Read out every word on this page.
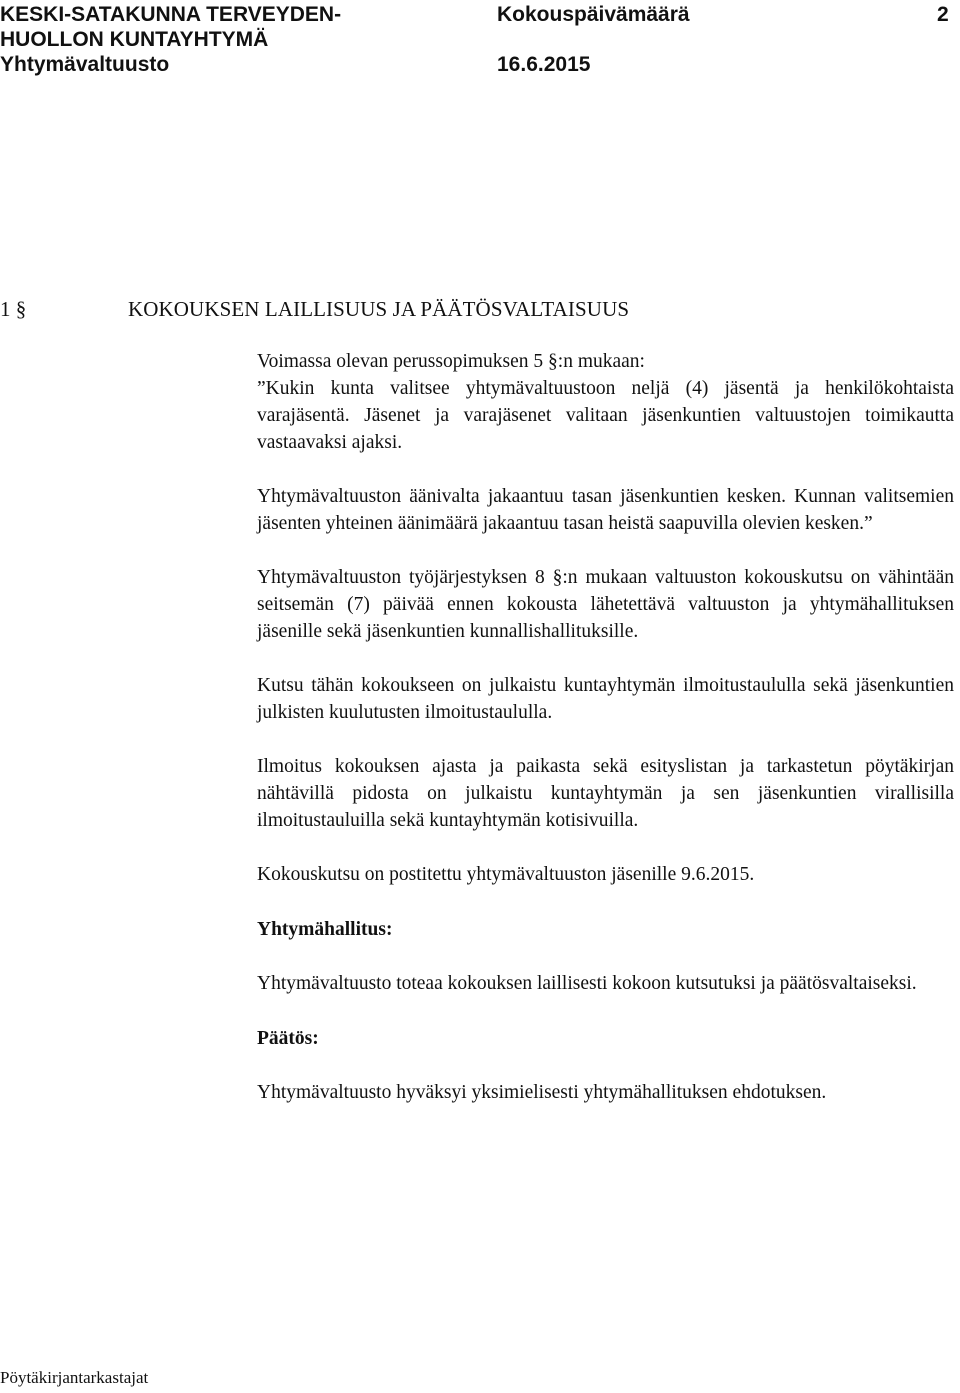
KESKI-SATAKUNNA TERVEYDEN-
HUOLLON KUNTAYHTYMÄ
Yhtymävaltuusto
Kokouspäivämäärä
16.6.2015
2
1 §	KOKOUKSEN LAILLISUUS JA PÄÄTÖSVALTAISUUS

Voimassa olevan perussopimuksen 5 §:n mukaan:

”Kukin kunta valitsee yhtymävaltuustoon neljä (4) jäsentä ja henkilökohtaista varajäsentä. Jäsenet ja varajäsenet valitaan jäsenkuntien valtuustojen toimikautta vastaavaksi ajaksi.

Yhtymävaltuuston äänivalta jakaantuu tasan jäsenkuntien kesken. Kunnan valitsemien jäsenten yhteinen äänimäärä jakaantuu tasan heistä saapuvilla olevien kesken.”

Yhtymävaltuuston työjärjestyksen 8 §:n mukaan valtuuston kokouskutsu on vähintään seitsemän (7) päivää ennen kokousta lähetettävä valtuuston ja yhtymähallituksen jäsenille sekä jäsenkuntien kunnallishallituksille.

Kutsu tähän kokoukseen on julkaistu kuntayhtymän ilmoitustaululla sekä jäsenkuntien julkisten kuulutusten ilmoitustaululla.

Ilmoitus kokouksen ajasta ja paikasta sekä esityslistan ja tarkastetun pöytäkirjan nähtävillä pidosta on julkaistu kuntayhtymän ja sen jäsenkuntien virallisilla ilmoitustauluilla sekä kuntayhtymän kotisivuilla.

Kokouskutsu on postitettu yhtymävaltuuston jäsenille 9.6.2015.

Yhtymähallitus:

Yhtymävaltuusto toteaa kokouksen laillisesti kokoon kutsutuksi ja päätösvaltaiseksi.

Päätös:

Yhtymävaltuusto hyväksyi yksimielisesti yhtymähallituksen ehdotuksen.

Pöytäkirjantarkastajat
